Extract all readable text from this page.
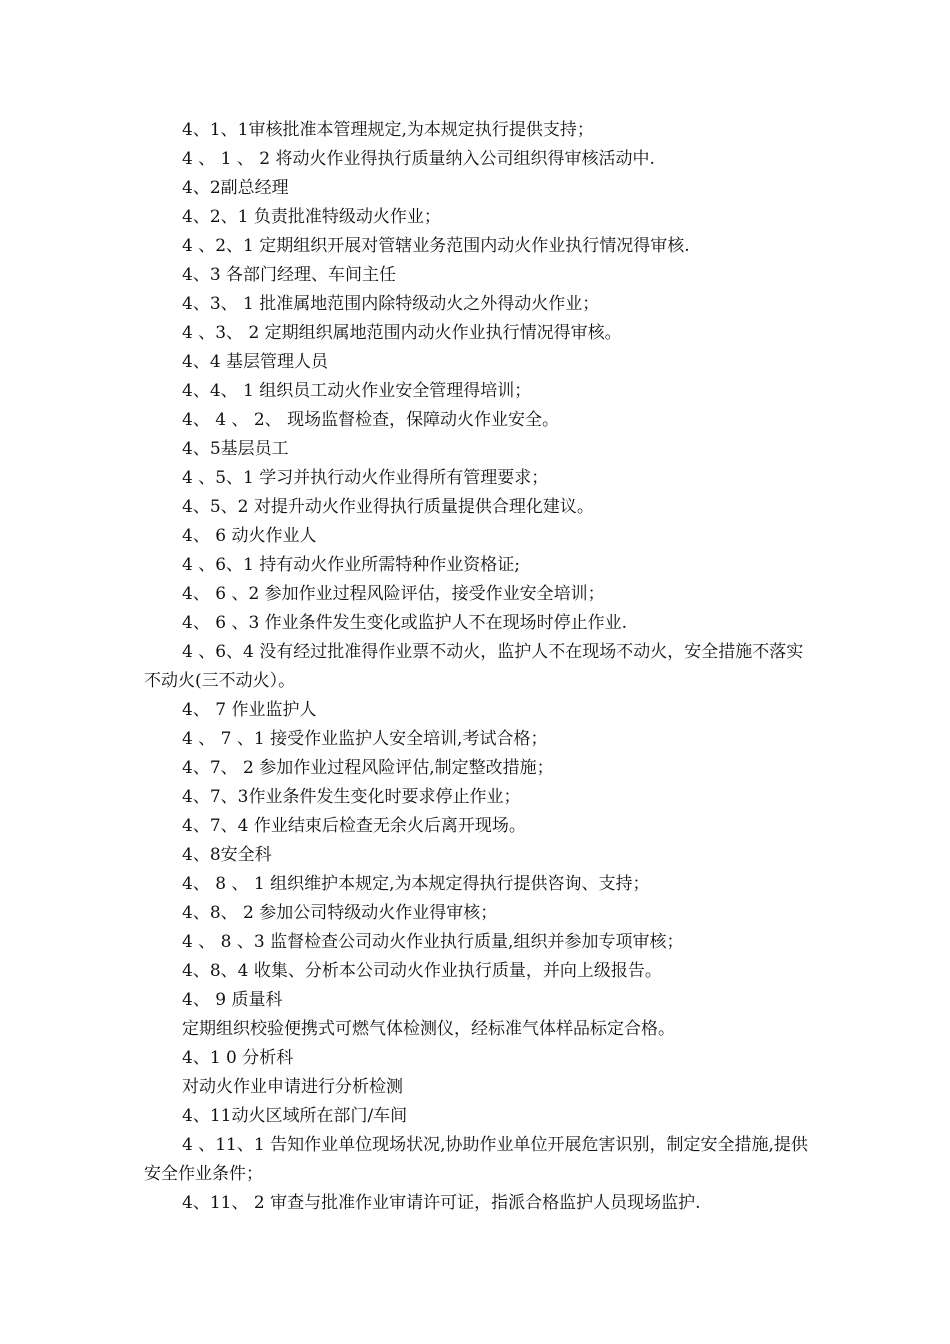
4、1、1审核批准本管理规定,为本规定执行提供支持；

4 、 1 、 2 将动火作业得执行质量纳入公司组织得审核活动中.

4、2副总经理

4、2、1 负责批准特级动火作业；

4 、2、1 定期组织开展对管辖业务范围内动火作业执行情况得审核.

4、3 各部门经理、车间主任

4、3、 1 批准属地范围内除特级动火之外得动火作业；

4 、3、 2 定期组织属地范围内动火作业执行情况得审核。

4、4 基层管理人员

4、4、 1 组织员工动火作业安全管理得培训；

4、 4 、 2、 现场监督检查，保障动火作业安全。

4、5基层员工

4 、5、1 学习并执行动火作业得所有管理要求；

4、5、2 对提升动火作业得执行质量提供合理化建议。

4、 6 动火作业人

4 、6、1 持有动火作业所需特种作业资格证;

4、 6 、2 参加作业过程风险评估，接受作业安全培训；

4、 6 、3 作业条件发生变化或监护人不在现场时停止作业.

4 、6、4 没有经过批准得作业票不动火，监护人不在现场不动火，安全措施不落实不动火(三不动火）。

4、 7 作业监护人

4 、 7 、1 接受作业监护人安全培训,考试合格；

4、7、 2 参加作业过程风险评估,制定整改措施；

4、7、3作业条件发生变化时要求停止作业；

4、7、4 作业结束后检查无余火后离开现场。

4、8安全科

4、 8 、 1 组织维护本规定,为本规定得执行提供咨询、支持；

4、8、 2 参加公司特级动火作业得审核；

4 、 8 、3 监督检查公司动火作业执行质量,组织并参加专项审核；

4、8、4 收集、分析本公司动火作业执行质量，并向上级报告。

4、 9 质量科

定期组织校验便携式可燃气体检测仪，经标准气体样品标定合格。

4、1 0 分析科

对动火作业申请进行分析检测

4、11动火区域所在部门/车间

4 、11、1 告知作业单位现场状况,协助作业单位开展危害识别，制定安全措施,提供安全作业条件；

4、11、 2 审查与批准作业审请许可证，指派合格监护人员现场监护.
